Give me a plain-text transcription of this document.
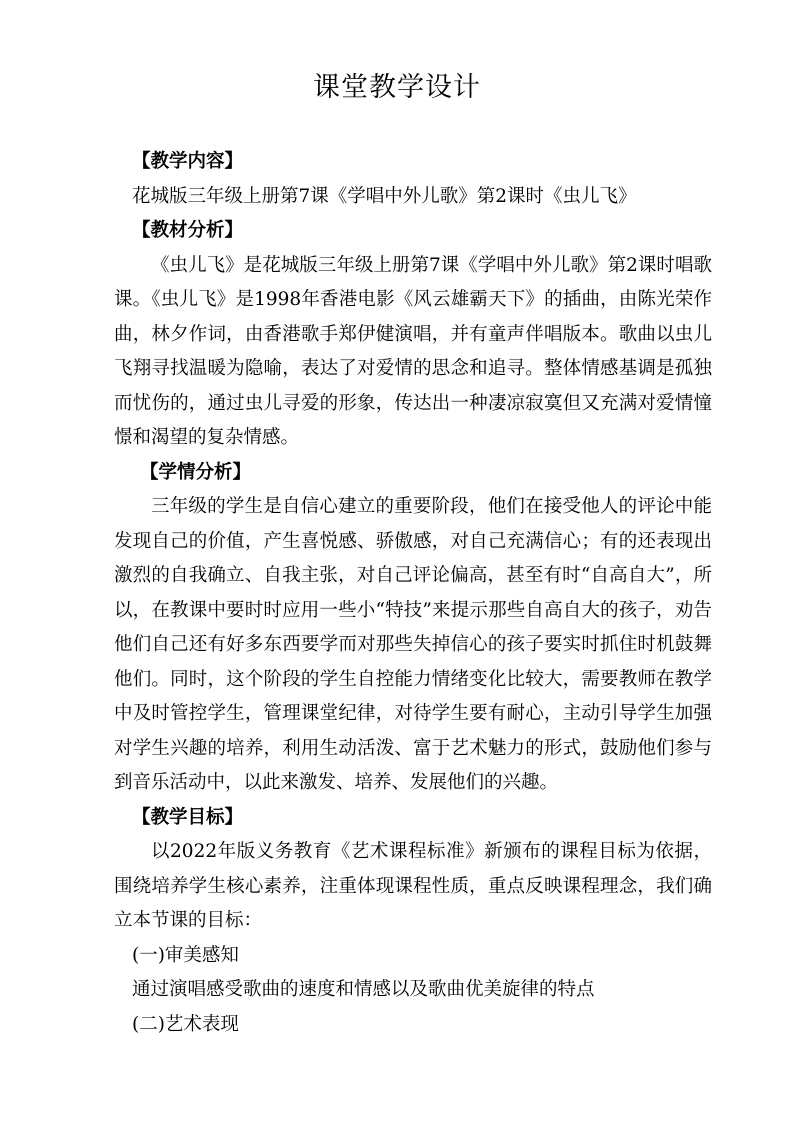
课堂教学设计

【教学内容】

花城版三年级上册第7课《学唱中外儿歌》第2课时《虫儿飞》

【教材分析】

《虫儿飞》是花城版三年级上册第7课《学唱中外儿歌》第2课时唱歌课。《虫儿飞》是1998年香港电影《风云雄霸天下》的插曲，由陈光荣作曲，林夕作词，由香港歌手郑伊健演唱，并有童声伴唱版本。歌曲以虫儿飞翔寻找温暖为隐喻，表达了对爱情的思念和追寻。整体情感基调是孤独而忧伤的，通过虫儿寻爱的形象，传达出一种凄凉寂寞但又充满对爱情憧憬和渴望的复杂情感。

【学情分析】

三年级的学生是自信心建立的重要阶段，他们在接受他人的评论中能发现自己的价值，产生喜悦感、骄傲感，对自己充满信心；有的还表现出激烈的自我确立、自我主张，对自己评论偏高，甚至有时“自高自大”，所以，在教课中要时时应用一些小“特技”来提示那些自高自大的孩子，劝告他们自己还有好多东西要学而对那些失掉信心的孩子要实时抓住时机鼓舞他们。同时，这个阶段的学生自控能力情绪变化比较大，需要教师在教学中及时管控学生，管理课堂纪律，对待学生要有耐心，主动引导学生加强对学生兴趣的培养，利用生动活泼、富于艺术魅力的形式，鼓励他们参与到音乐活动中，以此来激发、培养、发展他们的兴趣。

【教学目标】

以2022年版义务教育《艺术课程标准》新颁布的课程目标为依据，围绕培养学生核心素养，注重体现课程性质，重点反映课程理念，我们确立本节课的目标：

(一)审美感知

通过演唱感受歌曲的速度和情感以及歌曲优美旋律的特点

(二)艺术表现
